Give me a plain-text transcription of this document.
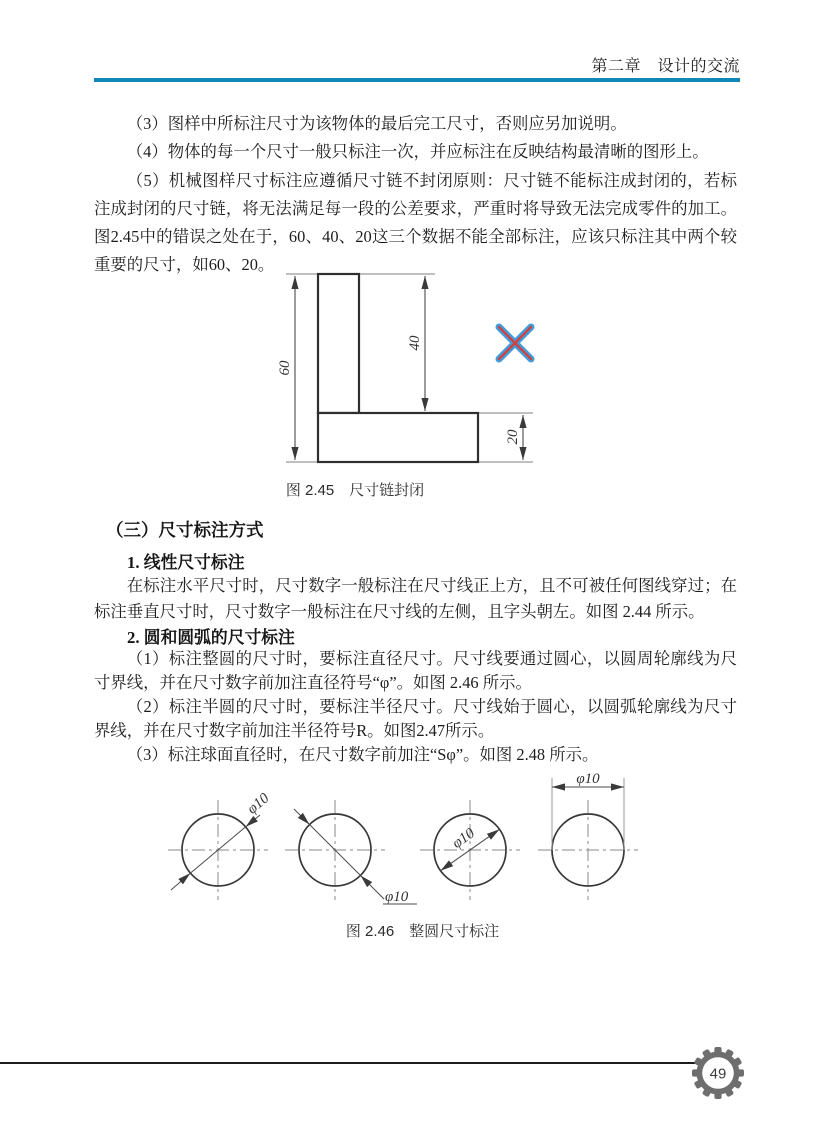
第二章　设计的交流

（3）图样中所标注尺寸为该物体的最后完工尺寸，否则应另加说明。

（4）物体的每一个尺寸一般只标注一次，并应标注在反映结构最清晰的图形上。

（5）机械图样尺寸标注应遵循尺寸链不封闭原则：尺寸链不能标注成封闭的，若标注成封闭的尺寸链，将无法满足每一段的公差要求，严重时将导致无法完成零件的加工。图2.45中的错误之处在于，60、40、20这三个数据不能全部标注，应该只标注其中两个较重要的尺寸，如60、20。

60
40
20
图 2.45　尺寸链封闭
（三）尺寸标注方式
1. 线性尺寸标注

在标注水平尺寸时，尺寸数字一般标注在尺寸线正上方，且不可被任何图线穿过；在标注垂直尺寸时，尺寸数字一般标注在尺寸线的左侧，且字头朝左。如图 2.44 所示。

2. 圆和圆弧的尺寸标注

（1）标注整圆的尺寸时，要标注直径尺寸。尺寸线要通过圆心，以圆周轮廓线为尺寸界线，并在尺寸数字前加注直径符号“φ”。如图 2.46 所示。

（2）标注半圆的尺寸时，要标注半径尺寸。尺寸线始于圆心，以圆弧轮廓线为尺寸界线，并在尺寸数字前加注半径符号R。如图2.47所示。

（3）标注球面直径时，在尺寸数字前加注“Sφ”。如图 2.48 所示。

φ10
φ10
φ10
φ10
图 2.46　整圆尺寸标注
49
